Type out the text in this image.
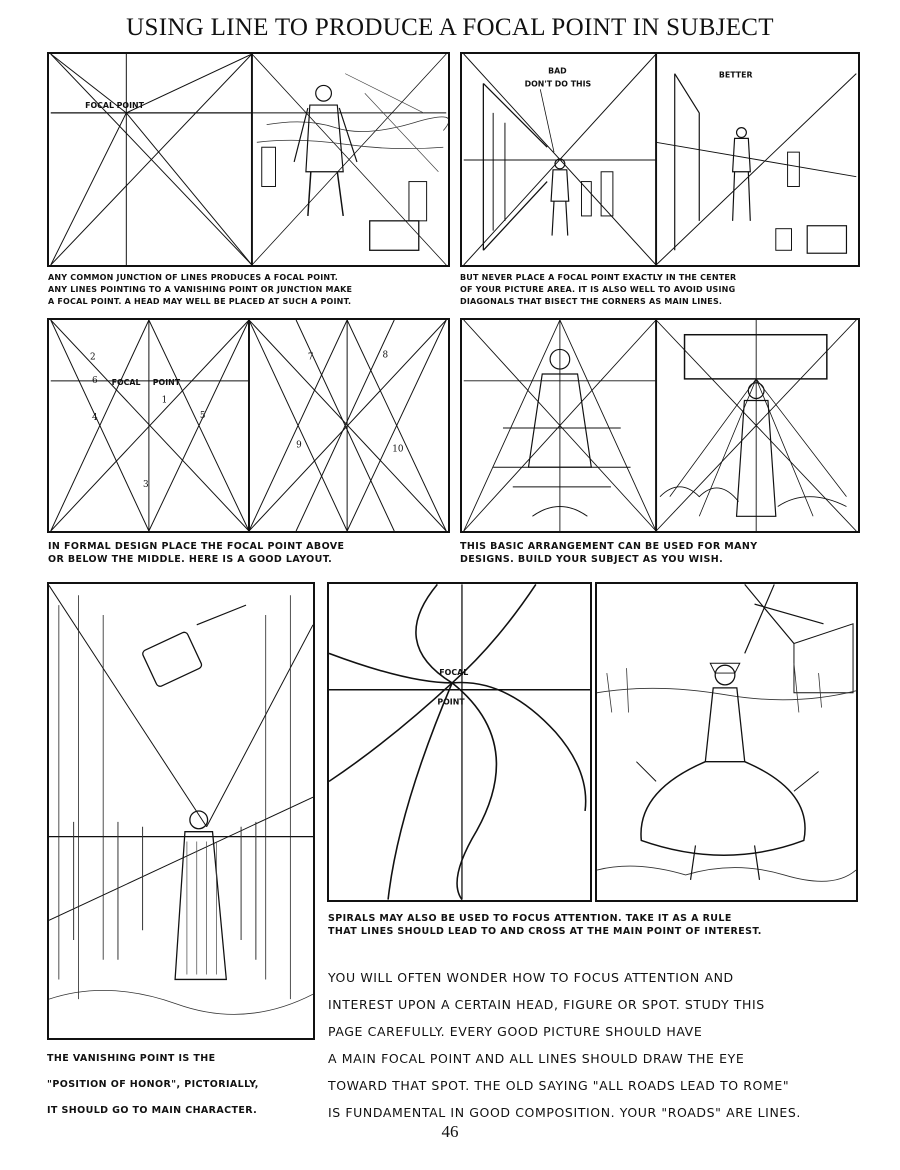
USING LINE TO PRODUCE A FOCAL POINT IN SUBJECT
FOCAL POINT
BAD
DON'T DO THIS
BETTER
ANY COMMON JUNCTION OF LINES PRODUCES A FOCAL POINT.
ANY LINES POINTING TO A VANISHING POINT OR JUNCTION MAKE
A FOCAL POINT. A HEAD MAY WELL BE PLACED AT SUCH A POINT.
BUT NEVER PLACE A FOCAL POINT EXACTLY IN THE CENTER
OF YOUR PICTURE AREA. IT IS ALSO WELL TO AVOID USING
DIAGONALS THAT BISECT THE CORNERS AS MAIN LINES.
FOCAL POINT
2
6
1
4	5
3
7	8
9	10
IN FORMAL DESIGN PLACE THE FOCAL POINT ABOVE
OR BELOW THE MIDDLE. HERE IS A GOOD LAYOUT.
THIS BASIC ARRANGEMENT CAN BE USED FOR MANY
DESIGNS. BUILD YOUR SUBJECT AS YOU WISH.
FOCAL
POINT
THE VANISHING POINT IS THE
"POSITION OF HONOR", PICTORIALLY,
IT SHOULD GO TO MAIN CHARACTER.
SPIRALS MAY ALSO BE USED TO FOCUS ATTENTION. TAKE IT AS A RULE
THAT LINES SHOULD LEAD TO AND CROSS AT THE MAIN POINT OF INTEREST.
YOU WILL OFTEN WONDER HOW TO FOCUS ATTENTION AND
INTEREST UPON A CERTAIN HEAD, FIGURE OR SPOT. STUDY THIS
PAGE CAREFULLY. EVERY GOOD PICTURE SHOULD HAVE
A MAIN FOCAL POINT AND ALL LINES SHOULD DRAW THE EYE
TOWARD THAT SPOT. THE OLD SAYING "ALL ROADS LEAD TO ROME"
IS FUNDAMENTAL IN GOOD COMPOSITION. YOUR "ROADS" ARE LINES.
46
